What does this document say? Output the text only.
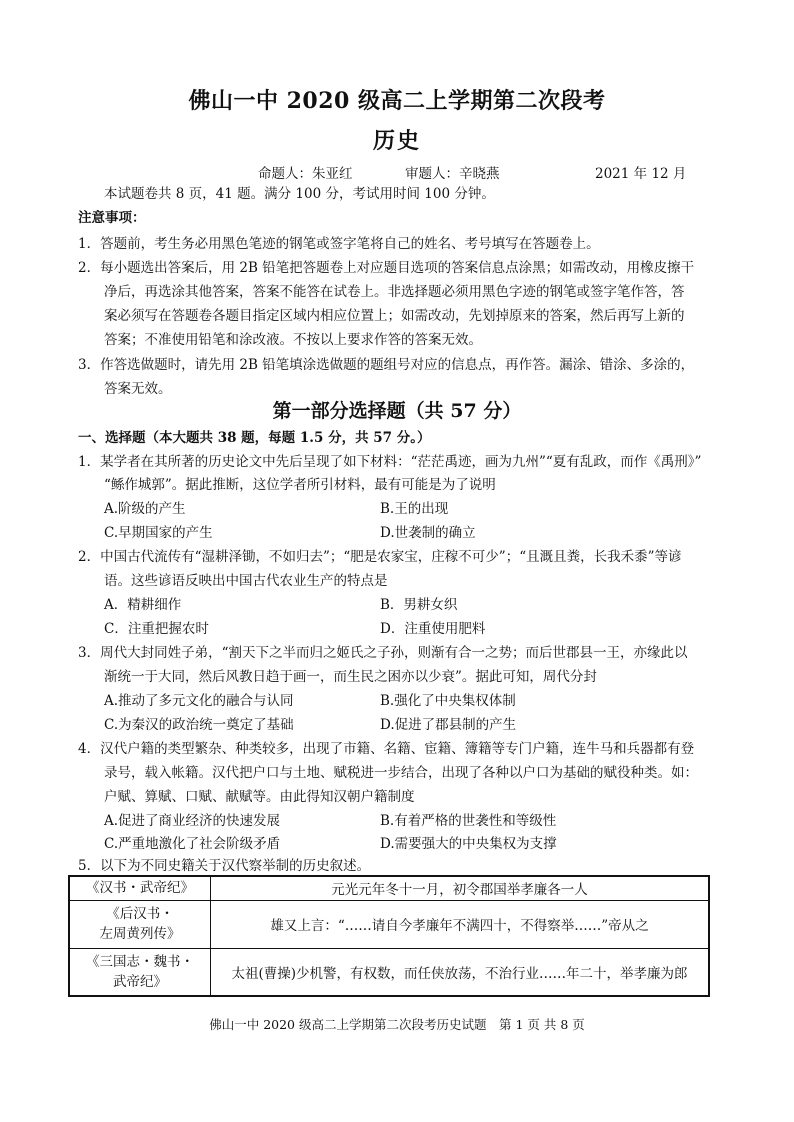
佛山一中 2020 级高二上学期第二次段考
历史
命题人：朱亚红	审题人：辛晓燕	2021 年 12 月
本试题卷共 8 页，41 题。满分 100 分，考试用时间 100 分钟。
注意事项：
1．答题前，考生务必用黑色笔迹的钢笔或签字笔将自己的姓名、考号填写在答题卷上。
2．每小题选出答案后，用 2B 铅笔把答题卷上对应题目选项的答案信息点涂黑；如需改动，用橡皮擦干
净后，再选涂其他答案，答案不能答在试卷上。非选择题必须用黑色字迹的钢笔或签字笔作答，答
案必须写在答题卷各题目指定区域内相应位置上；如需改动，先划掉原来的答案，然后再写上新的
答案；不准使用铅笔和涂改液。不按以上要求作答的答案无效。
3．作答选做题时，请先用 2B 铅笔填涂选做题的题组号对应的信息点，再作答。漏涂、错涂、多涂的，
答案无效。
第一部分选择题（共 57 分）
一、选择题（本大题共 38 题，每题 1.5 分，共 57 分。）
1．某学者在其所著的历史论文中先后呈现了如下材料：“茫茫禹迹，画为九州”“夏有乱政，而作《禹刑》”
“鲧作城郭”。据此推断，这位学者所引材料，最有可能是为了说明
A.阶级的产生	B.王的出现
C.早期国家的产生	D.世袭制的确立
2．中国古代流传有“湿耕泽锄，不如归去”；“肥是农家宝，庄稼不可少”；“且溉且粪，长我禾黍”等谚
语。这些谚语反映出中国古代农业生产的特点是
A．精耕细作	B．男耕女织
C．注重把握农时	D．注重使用肥料
3．周代大封同姓子弟，“割天下之半而归之姬氏之子孙，则渐有合一之势；而后世郡县一王，亦缘此以
渐统一于大同，然后风教日趋于画一，而生民之困亦以少衰”。据此可知，周代分封
A.推动了多元文化的融合与认同	B.强化了中央集权体制
C.为秦汉的政治统一奠定了基础	D.促进了郡县制的产生
4．汉代户籍的类型繁杂、种类较多，出现了市籍、名籍、宦籍、簿籍等专门户籍，连牛马和兵器都有登
录号，载入帐籍。汉代把户口与土地、赋税进一步结合，出现了各种以户口为基础的赋役种类。如：
户赋、算赋、口赋、献赋等。由此得知汉朝户籍制度
A.促进了商业经济的快速发展	B.有着严格的世袭性和等级性
C.严重地激化了社会阶级矛盾	D.需要强大的中央集权为支撑
5．以下为不同史籍关于汉代察举制的历史叙述。
《汉书・武帝纪》	元光元年冬十一月，初令郡国举孝廉各一人

《后汉书・
左周黄列传》	雄又上言：“……请自今孝廉年不满四十，不得察举……”帝从之

《三国志・魏书・
武帝纪》	太祖(曹操)少机警，有权数，而任侠放荡，不治行业……年二十，举孝廉为郎
佛山一中 2020 级高二上学期第二次段考历史试题　第 1 页 共 8 页
